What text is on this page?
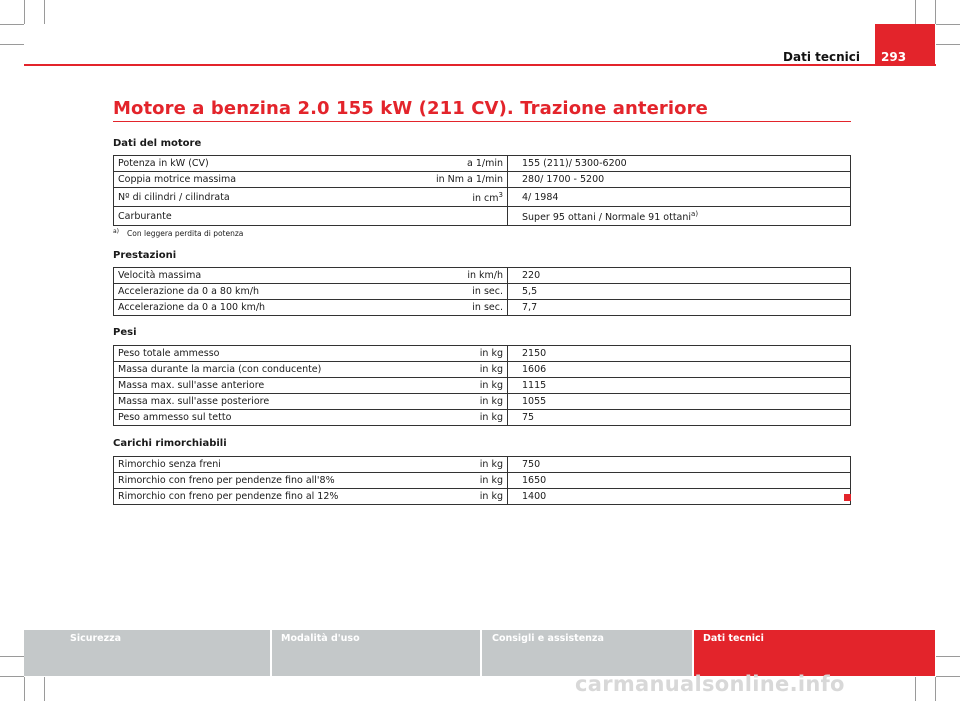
Dati tecnici 293
Motore a benzina 2.0 155 kW (211 CV). Trazione anteriore
Dati del motore
Potenza in kW (CV)	a 1/min	155 (211)/ 5300-6200
Coppia motrice massima	in Nm a 1/min	280/ 1700 - 5200
Nº di cilindri / cilindrata	in $cm^3$	4/ 1984
Carburante		Super 95 ottani / Normale 91 ottani$^{a)}$
$^{a)}$ Con leggera perdita di potenza
Prestazioni
Velocità massima	in km/h	220
Accelerazione da 0 a 80 km/h	in sec.	5,5
Accelerazione da 0 a 100 km/h	in sec.	7,7
Pesi
Peso totale ammesso	in kg	2150
Massa durante la marcia (con conducente)	in kg	1606
Massa max. sull'asse anteriore	in kg	1115
Massa max. sull'asse posteriore	in kg	1055
Peso ammesso sul tetto	in kg	75
Carichi rimorchiabili
Rimorchio senza freni	in kg	750
Rimorchio con freno per pendenze fino all'8%	in kg	1650
Rimorchio con freno per pendenze fino al 12%	in kg	1400
Sicurezza	Modalità d'uso	Consigli e assistenza	Dati tecnici
carmanualsonline.info
